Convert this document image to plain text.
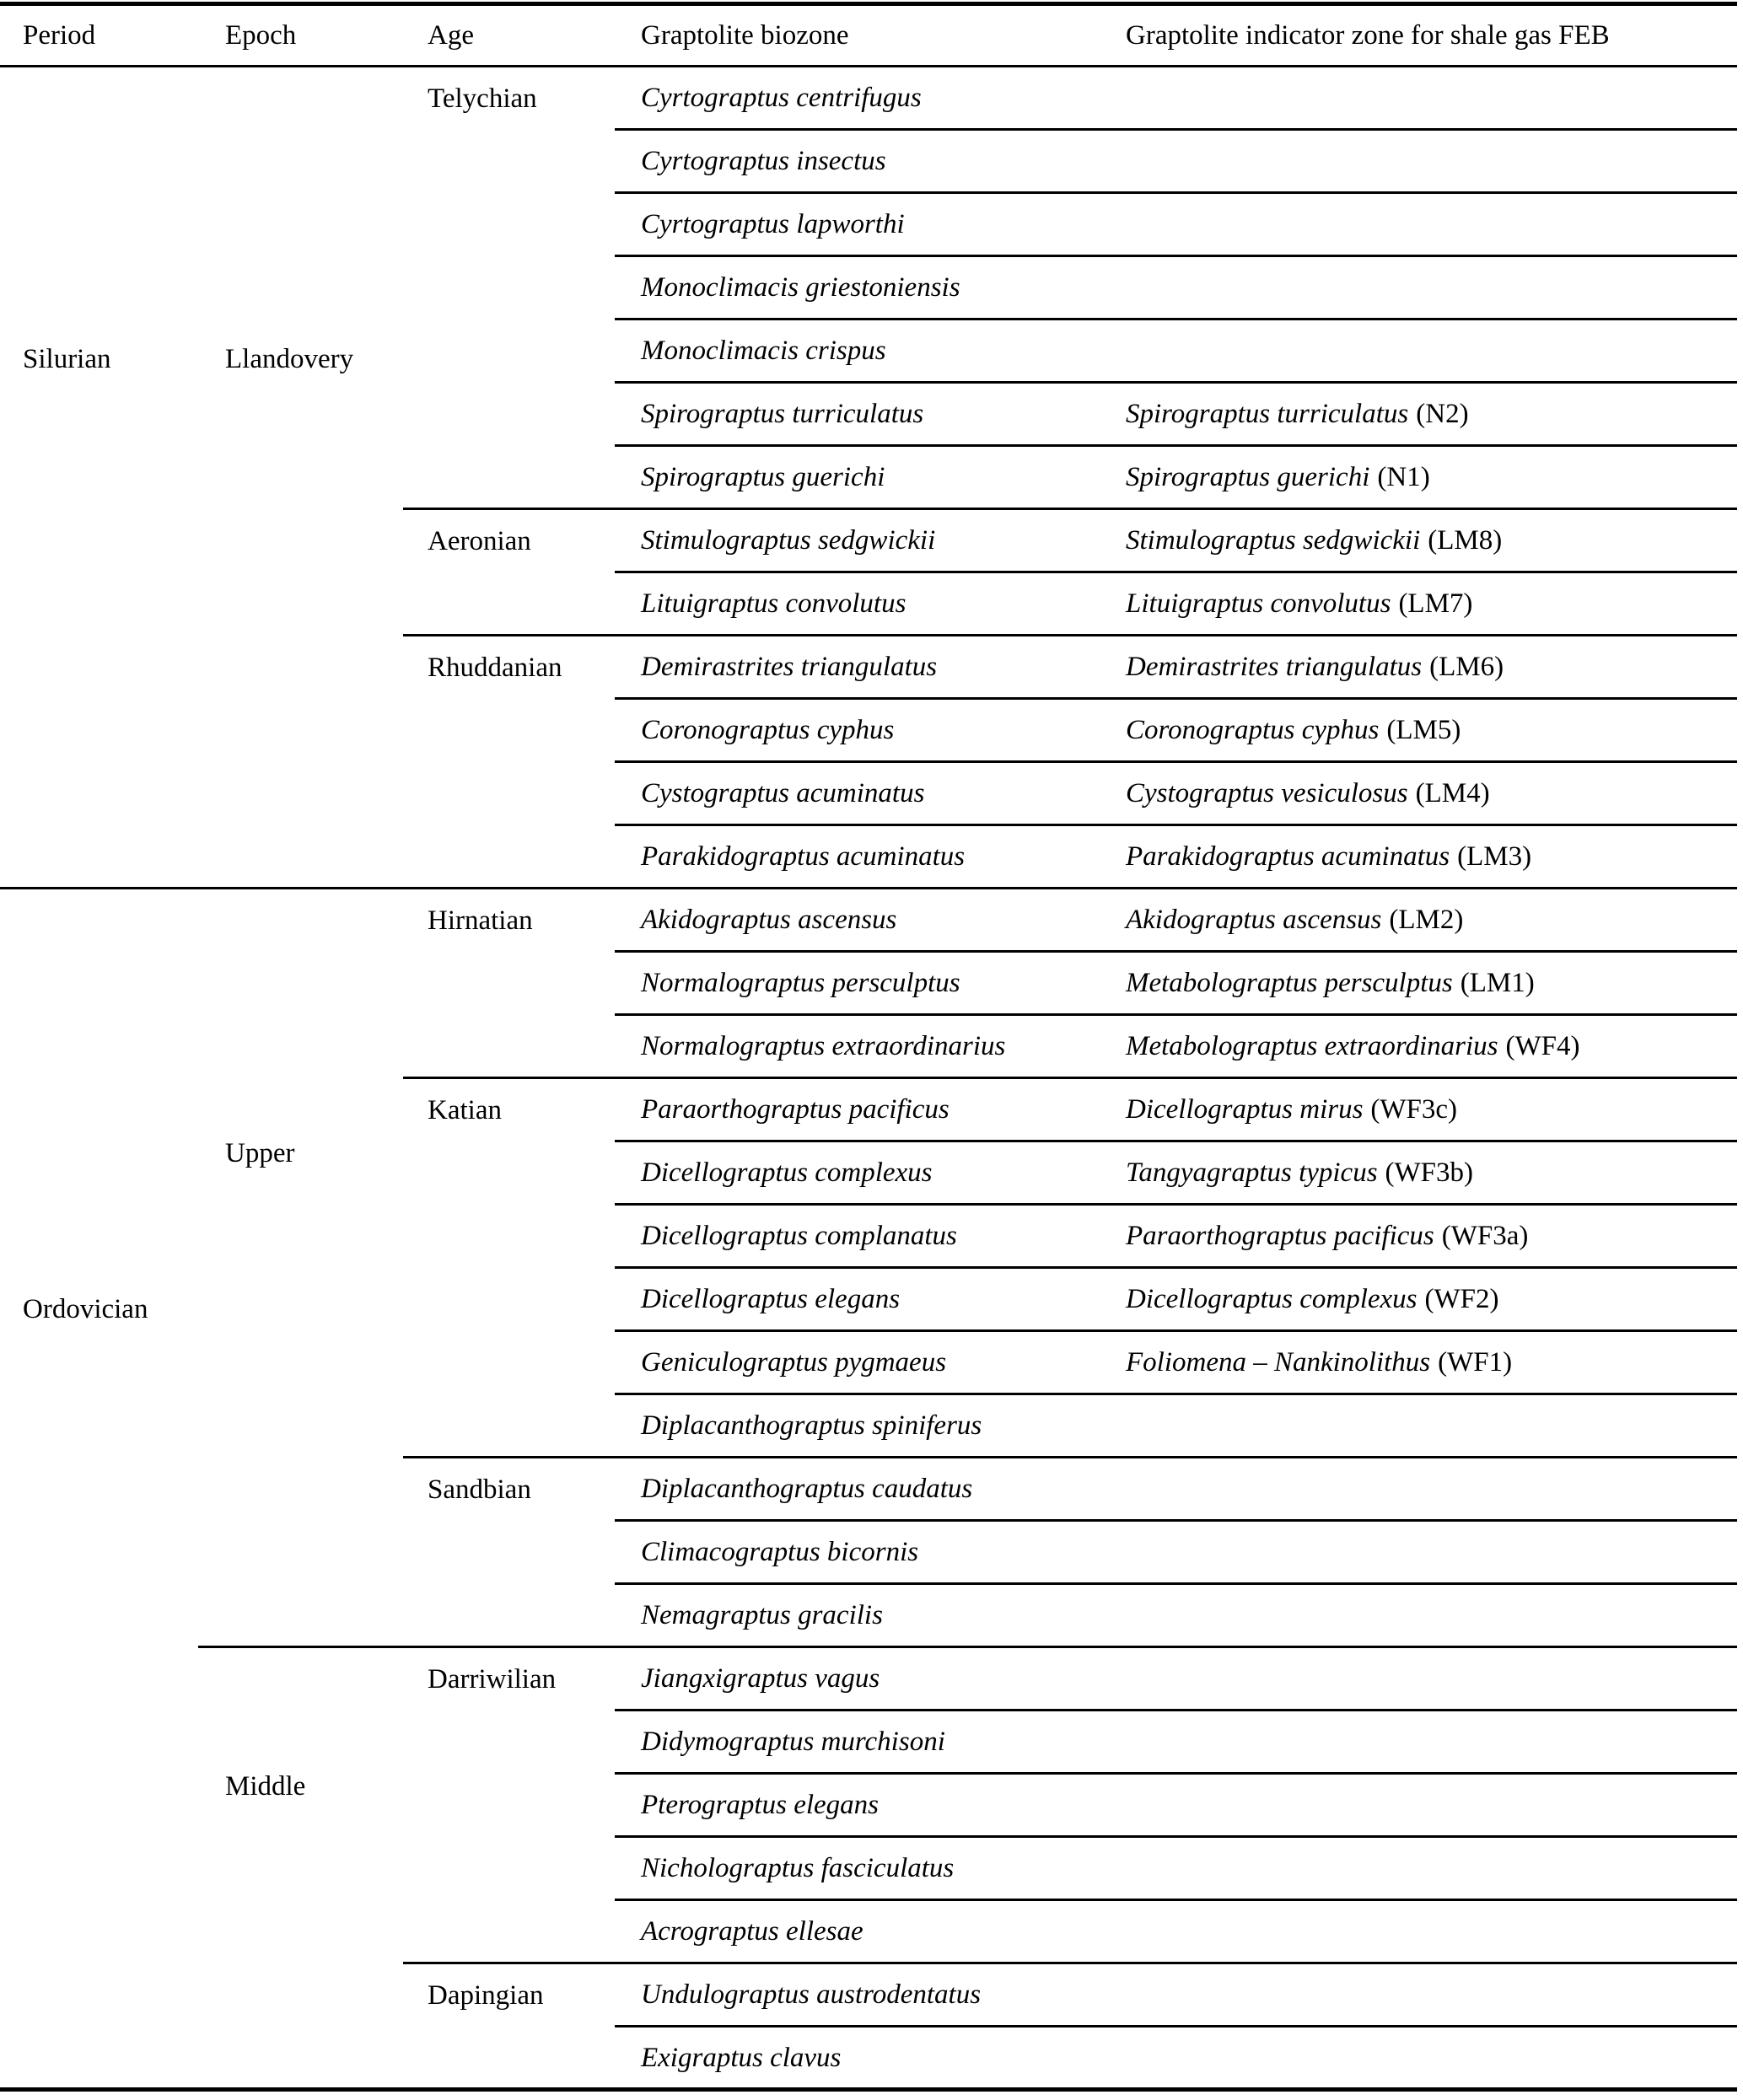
Period	Epoch	Age	Graptolite biozone	Graptolite indicator zone for shale gas FEB
Silurian	Llandovery	Telychian	Cyrtograptus centrifugus	
			Cyrtograptus insectus	
			Cyrtograptus lapworthi	
			Monoclimacis griestoniensis	
			Monoclimacis crispus	
			Spirograptus turriculatus	Spirograptus turriculatus (N2)
			Spirograptus guerichi	Spirograptus guerichi (N1)
		Aeronian	Stimulograptus sedgwickii	Stimulograptus sedgwickii (LM8)
			Lituigraptus convolutus	Lituigraptus convolutus (LM7)
		Rhuddanian	Demirastrites triangulatus	Demirastrites triangulatus (LM6)
			Coronograptus cyphus	Coronograptus cyphus (LM5)
			Cystograptus acuminatus	Cystograptus vesiculosus (LM4)
			Parakidograptus acuminatus	Parakidograptus acuminatus (LM3)
Ordovician	Upper	Hirnatian	Akidograptus ascensus	Akidograptus ascensus (LM2)
			Normalograptus persculptus	Metabolograptus persculptus (LM1)
			Normalograptus extraordinarius	Metabolograptus extraordinarius (WF4)
		Katian	Paraorthograptus pacificus	Dicellograptus mirus (WF3c)
			Dicellograptus complexus	Tangyagraptus typicus (WF3b)
			Dicellograptus complanatus	Paraorthograptus pacificus (WF3a)
			Dicellograptus elegans	Dicellograptus complexus (WF2)
			Geniculograptus pygmaeus	Foliomena – Nankinolithus (WF1)
			Diplacanthograptus spiniferus	
		Sandbian	Diplacanthograptus caudatus	
			Climacograptus bicornis	
			Nemagraptus gracilis	
	Middle	Darriwilian	Jiangxigraptus vagus	
			Didymograptus murchisoni	
			Pterograptus elegans	
			Nicholograptus fasciculatus	
			Acrograptus ellesae	
		Dapingian	Undulograptus austrodentatus	
			Exigraptus clavus	
